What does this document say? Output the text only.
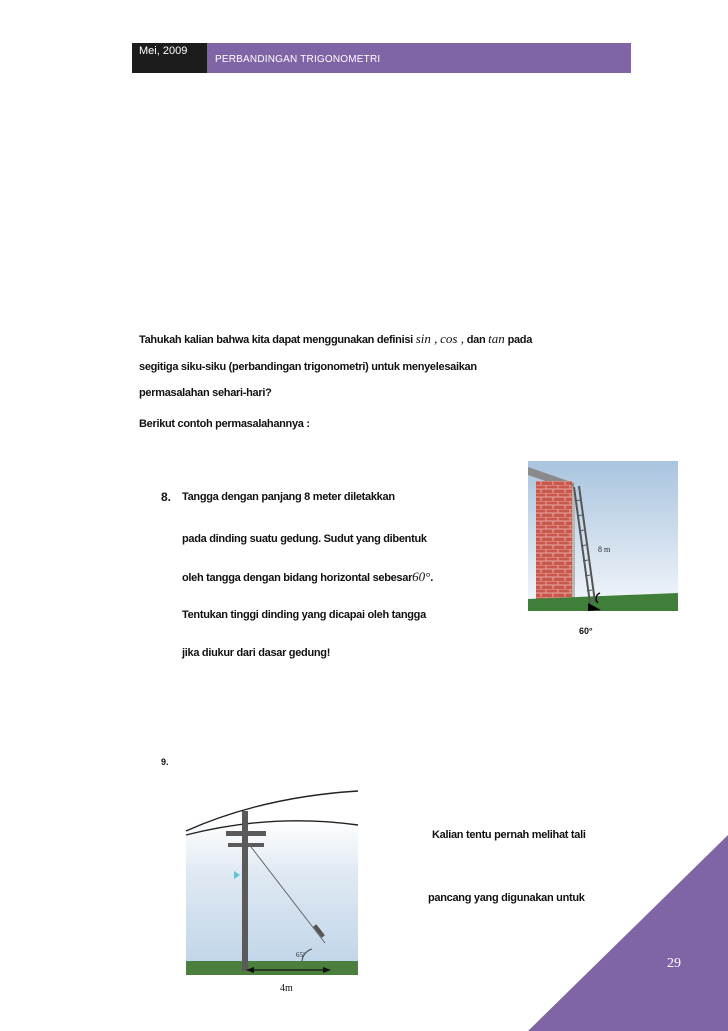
Mei, 2009
PERBANDINGAN TRIGONOMETRI
Tahukah kalian bahwa kita dapat menggunakan definisi sin , cos , dan tan pada
segitiga siku-siku (perbandingan trigonometri) untuk menyelesaikan
permasalahan sehari-hari?
Berikut contoh permasalahannya :
8. Tangga dengan panjang 8 meter diletakkan
pada dinding suatu gedung. Sudut yang dibentuk
oleh tangga dengan bidang horizontal sebesar60°.
Tentukan tinggi dinding yang dicapai oleh tangga
jika diukur dari dasar gedung!
8 m
60°
9.
65°
4m
Kalian tentu pernah melihat tali
pancang yang digunakan untuk
29
